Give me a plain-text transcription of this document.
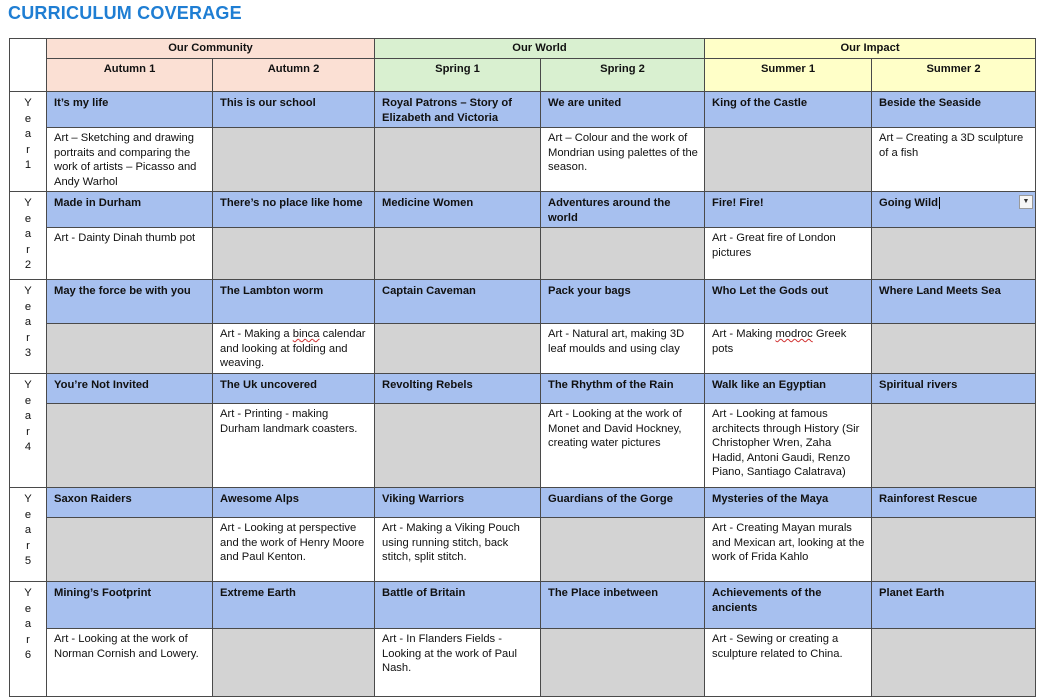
CURRICULUM COVERAGE
	Our Community		Our World		Our Impact	
	Autumn 1	Autumn 2	Spring 1	Spring 2	Summer 1	Summer 2

Y
e
a
r
1	It’s my life	This is our school	Royal Patrons – Story of Elizabeth and Victoria	We are united	King of the Castle	Beside the Seaside
	Art – Sketching and drawing portraits and comparing the work of artists – Picasso and Andy Warhol			Art – Colour and the work of Mondrian using palettes of the season.		Art – Creating a 3D sculpture of a fish

Y
e
a
r
2	Made in Durham	There’s no place like home	Medicine Women	Adventures around the world	Fire! Fire!	Going Wild ▼

	Art - Dainty Dinah thumb pot				Art - Great fire of London pictures	

Y
e
a
r
3	May the force be with you	The Lambton worm	Captain Caveman	Pack your bags	Who Let the Gods out	Where Land Meets Sea
		Art - Making a binca calendar and looking at folding and weaving.		Art - Natural art, making 3D leaf moulds and using clay	Art - Making modroc Greek pots	

Y
e
a
r
4	You’re Not Invited	The Uk uncovered	Revolting Rebels	The Rhythm of the Rain	Walk like an Egyptian	Spiritual rivers
		Art - Printing - making Durham landmark coasters.		Art - Looking at the work of Monet and David Hockney, creating water pictures	Art - Looking at famous architects through History (Sir Christopher Wren, Zaha Hadid, Antoni Gaudi, Renzo Piano, Santiago Calatrava)	

Y
e
a
r
5	Saxon Raiders	Awesome Alps	Viking Warriors	Guardians of the Gorge	Mysteries of the Maya	Rainforest Rescue
		Art - Looking at perspective and the work of Henry Moore and Paul Kenton.	Art - Making a Viking Pouch using running stitch, back stitch, split stitch.		Art - Creating Mayan murals and Mexican art, looking at the work of Frida Kahlo	

Y
e
a
r
6	Mining’s Footprint	Extreme Earth	Battle of Britain	The Place inbetween	Achievements of the ancients	Planet Earth
	Art - Looking at the work of Norman Cornish and Lowery.		Art - In Flanders Fields - Looking at the work of Paul Nash.		Art - Sewing or creating a sculpture related to China.	
